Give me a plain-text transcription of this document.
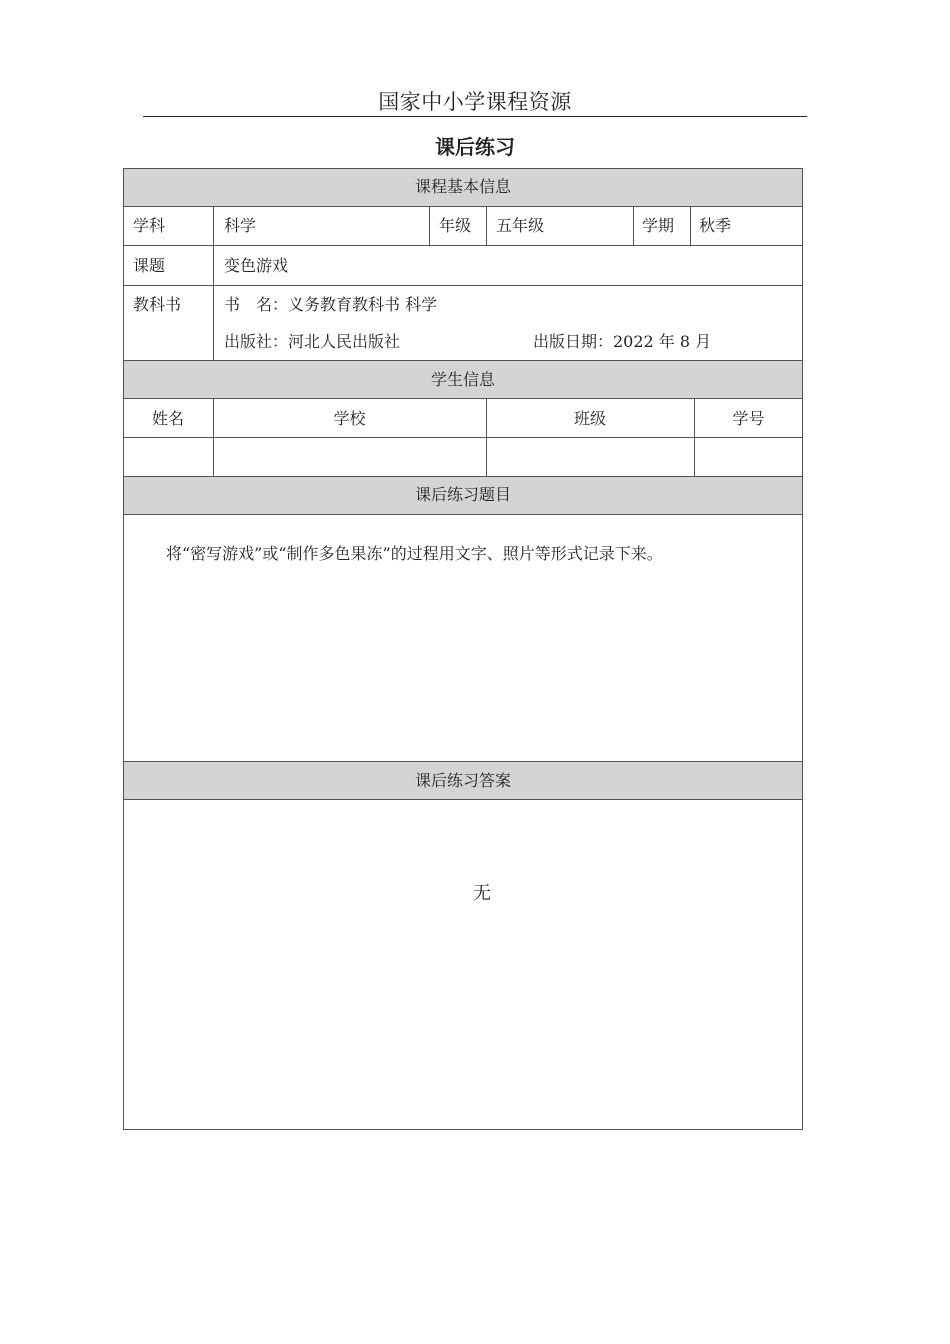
国家中小学课程资源
课后练习
课程基本信息
学科	科学	年级 五年级	学期 秋季
课题	变色游戏
教科书	书　名：义务教育教科书 科学
出版社：河北人民出版社	出版日期：2022 年 8 月
学生信息
姓名	学校	班级	学号
课后练习题目
将“密写游戏”或“制作多色果冻”的过程用文字、照片等形式记录下来。
课后练习答案
无
